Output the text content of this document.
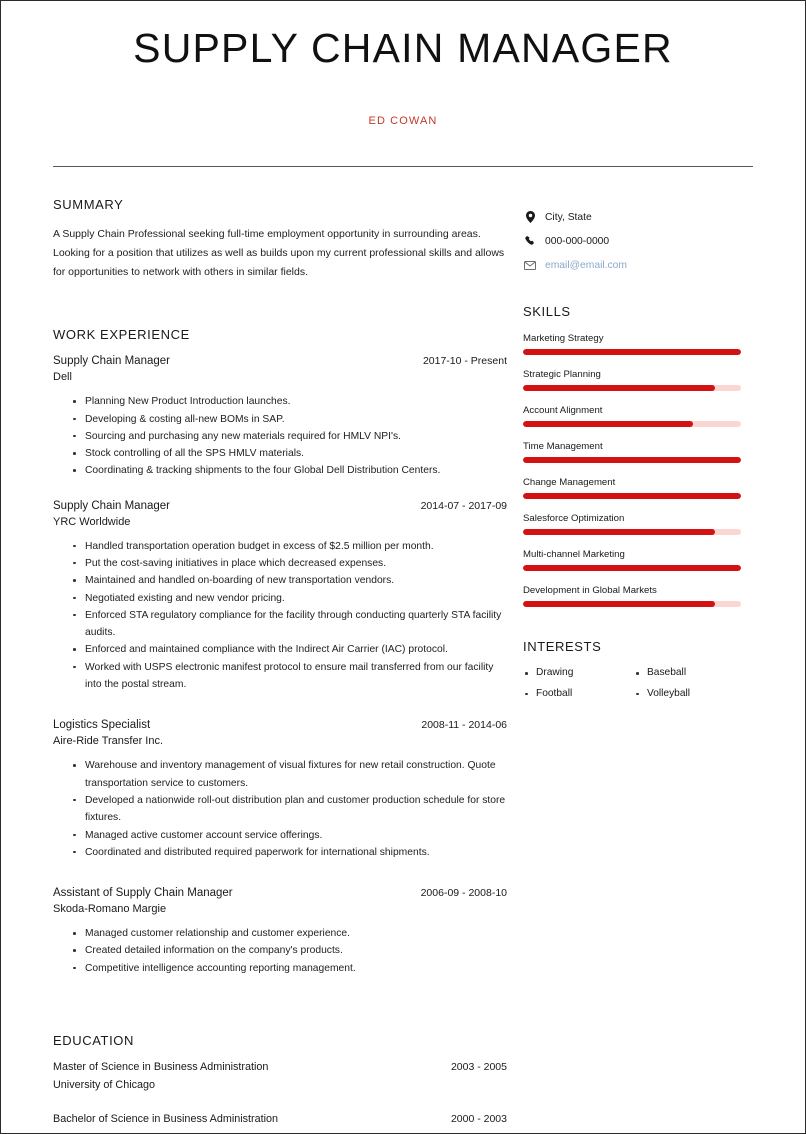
SUPPLY CHAIN MANAGER
ED COWAN
SUMMARY

A Supply Chain Professional seeking full-time employment opportunity in surrounding areas. Looking for a position that utilizes as well as builds upon my current professional skills and allows for opportunities to network with others in similar fields.

WORK EXPERIENCE
Supply Chain Manager	2017-10 - Present
Dell
Planning New Product Introduction launches.
Developing & costing all-new BOMs in SAP.
Sourcing and purchasing any new materials required for HMLV NPI's.
Stock controlling of all the SPS HMLV materials.
Coordinating & tracking shipments to the four Global Dell Distribution Centers.
Supply Chain Manager	2014-07 - 2017-09
YRC Worldwide
Handled transportation operation budget in excess of $2.5 million per month.
Put the cost-saving initiatives in place which decreased expenses.
Maintained and handled on-boarding of new transportation vendors.
Negotiated existing and new vendor pricing.
Enforced STA regulatory compliance for the facility through conducting quarterly STA facility audits.
Enforced and maintained compliance with the Indirect Air Carrier (IAC) protocol.
Worked with USPS electronic manifest protocol to ensure mail transferred from our facility into the postal stream.
Logistics Specialist	2008-11 - 2014-06
Aire-Ride Transfer Inc.
Warehouse and inventory management of visual fixtures for new retail construction. Quote transportation service to customers.
Developed a nationwide roll-out distribution plan and customer production schedule for store fixtures.
Managed active customer account service offerings.
Coordinated and distributed required paperwork for international shipments.
Assistant of Supply Chain Manager	2006-09 - 2008-10
Skoda-Romano Margie
Managed customer relationship and customer experience.
Created detailed information on the company's products.
Competitive intelligence accounting reporting management.
EDUCATION
Master of Science in Business Administration	2003 - 2005
University of Chicago
Bachelor of Science in Business Administration	2000 - 2003
City, State
000-000-0000
email@email.com
SKILLS
Marketing Strategy
Strategic Planning
Account Alignment
Time Management
Change Management
Salesforce Optimization
Multi-channel Marketing
Development in Global Markets
INTERESTS
Drawing	Baseball
Football	Volleyball
